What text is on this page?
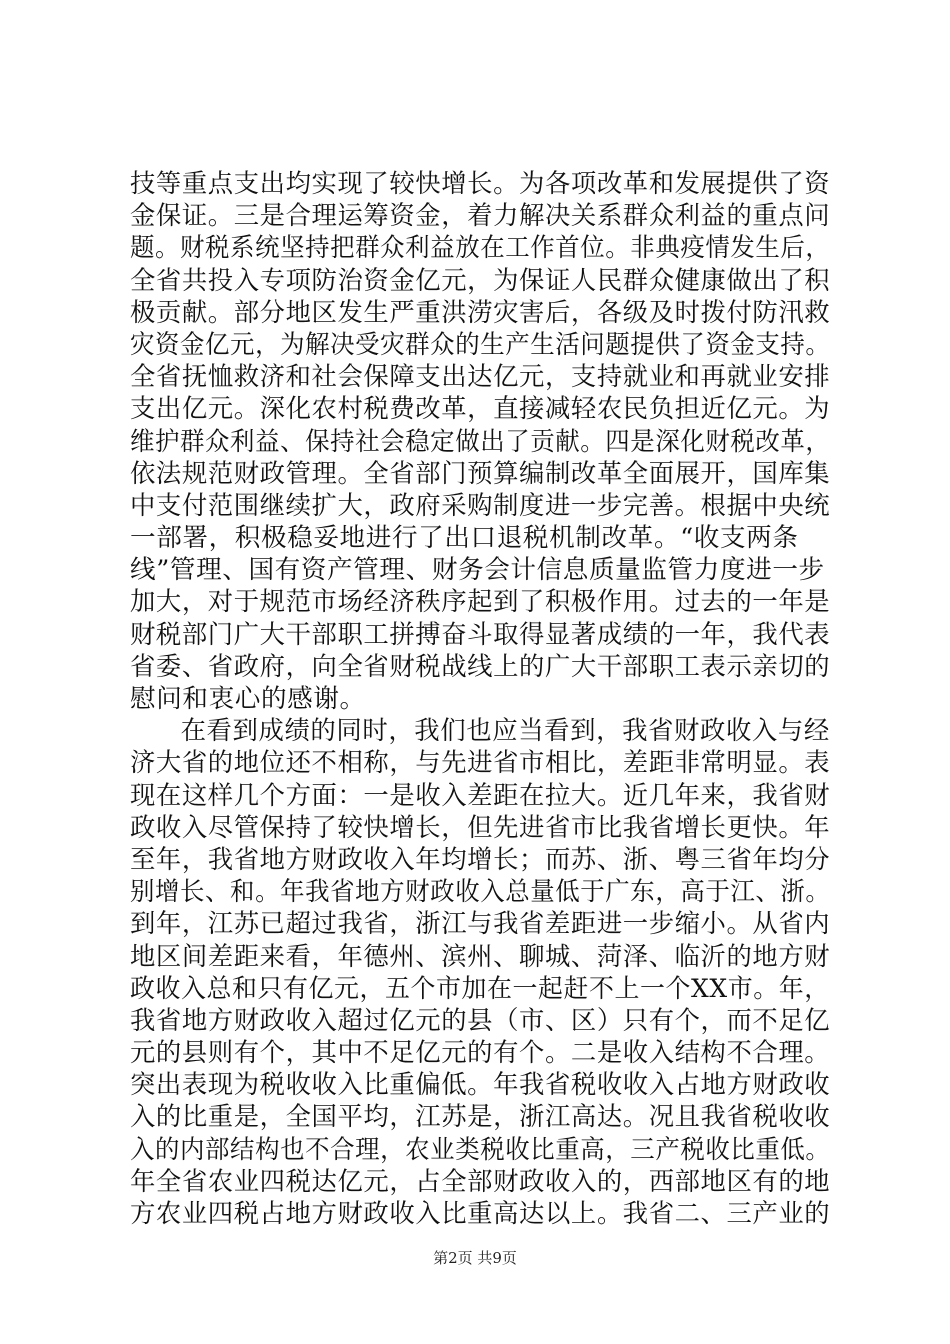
技等重点支出均实现了较快增长。为各项改革和发展提供了资
金保证。三是合理运筹资金，着力解决关系群众利益的重点问
题。财税系统坚持把群众利益放在工作首位。非典疫情发生后，
全省共投入专项防治资金亿元，为保证人民群众健康做出了积
极贡献。部分地区发生严重洪涝灾害后，各级及时拨付防汛救
灾资金亿元，为解决受灾群众的生产生活问题提供了资金支持。
全省抚恤救济和社会保障支出达亿元，支持就业和再就业安排
支出亿元。深化农村税费改革，直接减轻农民负担近亿元。为
维护群众利益、保持社会稳定做出了贡献。四是深化财税改革，
依法规范财政管理。全省部门预算编制改革全面展开，国库集
中支付范围继续扩大，政府采购制度进一步完善。根据中央统
一部署，积极稳妥地进行了出口退税机制改革。“收支两条
线”管理、国有资产管理、财务会计信息质量监管力度进一步
加大，对于规范市场经济秩序起到了积极作用。过去的一年是
财税部门广大干部职工拼搏奋斗取得显著成绩的一年，我代表
省委、省政府，向全省财税战线上的广大干部职工表示亲切的
慰问和衷心的感谢。
在看到成绩的同时，我们也应当看到，我省财政收入与经
济大省的地位还不相称，与先进省市相比，差距非常明显。表
现在这样几个方面：一是收入差距在拉大。近几年来，我省财
政收入尽管保持了较快增长，但先进省市比我省增长更快。年
至年，我省地方财政收入年均增长；而苏、浙、粤三省年均分
别增长、和。年我省地方财政收入总量低于广东，高于江、浙。
到年，江苏已超过我省，浙江与我省差距进一步缩小。从省内
地区间差距来看，年德州、滨州、聊城、菏泽、临沂的地方财
政收入总和只有亿元，五个市加在一起赶不上一个XX市。年，
我省地方财政收入超过亿元的县（市、区）只有个，而不足亿
元的县则有个，其中不足亿元的有个。二是收入结构不合理。
突出表现为税收收入比重偏低。年我省税收收入占地方财政收
入的比重是，全国平均，江苏是，浙江高达。况且我省税收收
入的内部结构也不合理，农业类税收比重高，三产税收比重低。
年全省农业四税达亿元，占全部财政收入的，西部地区有的地
方农业四税占地方财政收入比重高达以上。我省二、三产业的
第2页 共9页
